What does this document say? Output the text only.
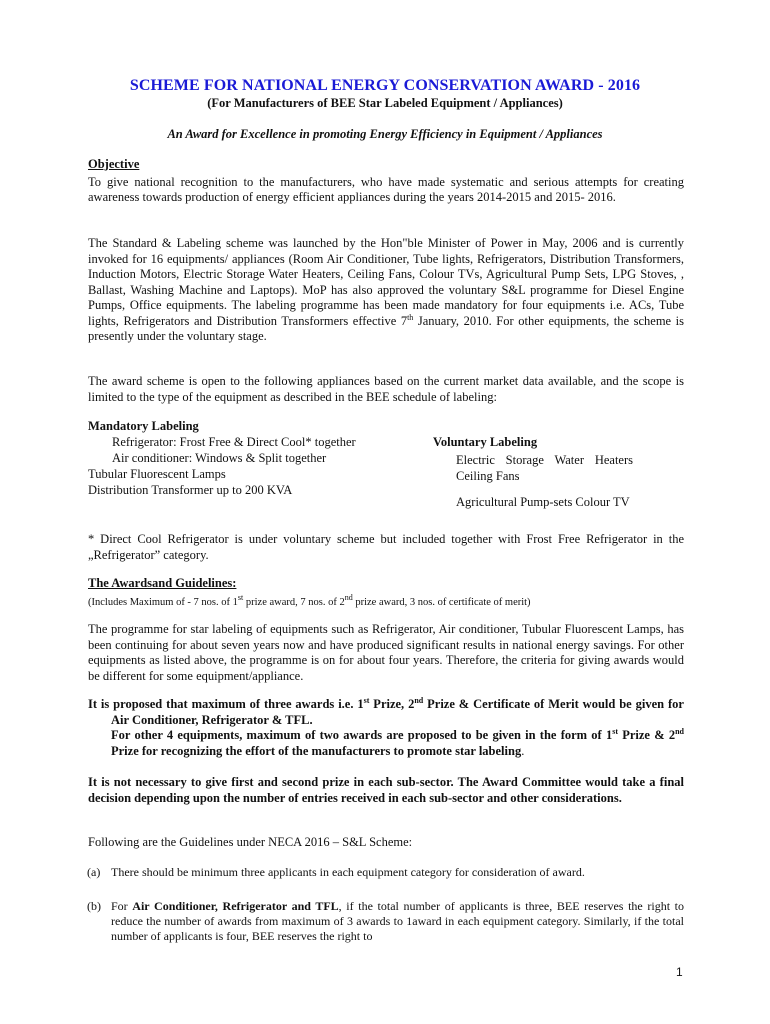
SCHEME FOR NATIONAL ENERGY CONSERVATION AWARD - 2016
(For Manufacturers of BEE Star Labeled Equipment / Appliances)
An Award for Excellence in promoting Energy Efficiency in Equipment / Appliances
Objective
To give national recognition to the manufacturers, who have made systematic and serious attempts for creating awareness towards production of energy efficient appliances during the years 2014-2015 and 2015- 2016.
The Standard & Labeling scheme was launched by the Hon"ble Minister of Power in May, 2006 and is currently invoked for 16 equipments/ appliances (Room Air Conditioner, Tube lights, Refrigerators, Distribution Transformers, Induction Motors, Electric Storage Water Heaters, Ceiling Fans, Colour TVs, Agricultural Pump Sets, LPG Stoves, , Ballast, Washing Machine and Laptops). MoP has also approved the voluntary S&L programme for Diesel Engine Pumps, Office equipments. The labeling programme has been made mandatory for four equipments i.e. ACs, Tube lights, Refrigerators and Distribution Transformers effective 7th January, 2010. For other equipments, the scheme is presently under the voluntary stage.
The award scheme is open to the following appliances based on the current market data available, and the scope is limited to the type of the equipment as described in the BEE schedule of labeling:
Mandatory Labeling
Refrigerator: Frost Free & Direct Cool* together
Air conditioner: Windows & Split together
Tubular Fluorescent Lamps
Distribution Transformer up to 200 KVA
Voluntary Labeling
Electric Storage Water Heaters Ceiling Fans
Agricultural Pump-sets Colour TV
* Direct Cool Refrigerator is under voluntary scheme but included together with Frost Free Refrigerator in the „Refrigerator” category.
The Awardsand Guidelines:
(Includes Maximum of - 7 nos. of 1st prize award, 7 nos. of 2nd prize award, 3 nos. of certificate of merit)
The programme for star labeling of equipments such as Refrigerator, Air conditioner, Tubular Fluorescent Lamps, has been continuing for about seven years now and have produced significant results in national energy savings. For other equipments as listed above, the programme is on for about four years. Therefore, the criteria for giving awards would be different for some equipment/appliance.
It is proposed that maximum of three awards i.e. 1st Prize, 2nd Prize & Certificate of Merit would be given for Air Conditioner, Refrigerator & TFL.
For other 4 equipments, maximum of two awards are proposed to be given in the form of 1st Prize & 2nd Prize for recognizing the effort of the manufacturers to promote star labeling.
It is not necessary to give first and second prize in each sub-sector. The Award Committee would take a final decision depending upon the number of entries received in each sub-sector and other considerations.
Following are the Guidelines under NECA 2016 – S&L Scheme:
(a) There should be minimum three applicants in each equipment category for consideration of award.
(b) For Air Conditioner, Refrigerator and TFL, if the total number of applicants is three, BEE reserves the right to reduce the number of awards from maximum of 3 awards to 1award in each equipment category. Similarly, if the total number of applicants is four, BEE reserves the right to
1
